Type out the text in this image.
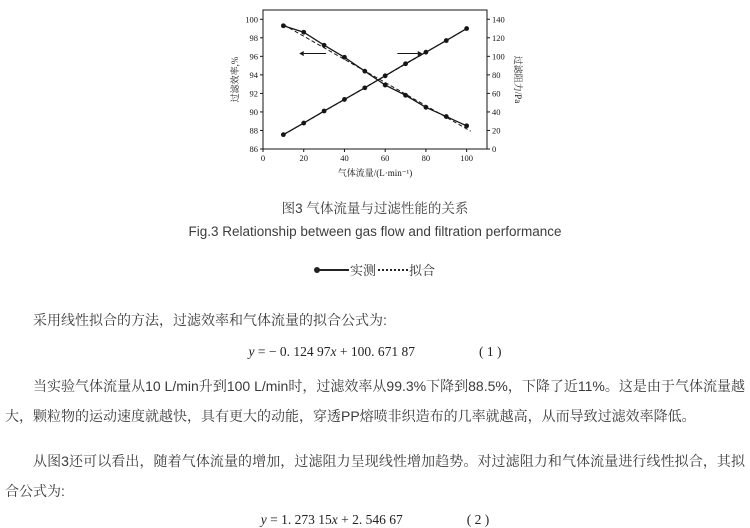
0	20	40	60	80	100
86
88
90
92
94
96
98
100
0
20
40
60
80
100
120
140
气体流量/(L·min⁻¹)
过滤效率,%	过滤阻力/Pa
图3 气体流量与过滤性能的关系
Fig.3 Relationship between gas flow and filtration performance
实测	拟合

采用线性拟合的方法，过滤效率和气体流量的拟合公式为:

y = − 0. 124 97x + 100. 671 87	( 1 )

当实验气体流量从10 L/min升到100 L/min时，过滤效率从99.3%下降到88.5%，下降了近11%。这是由于气体流量越大，颗粒物的运动速度就越快，具有更大的动能，穿透PP熔喷非织造布的几率就越高，从而导致过滤效率降低。

从图3还可以看出，随着气体流量的增加，过滤阻力呈现线性增加趋势。对过滤阻力和气体流量进行线性拟合，其拟合公式为:

y = 1. 273 15x + 2. 546 67	( 2 )
